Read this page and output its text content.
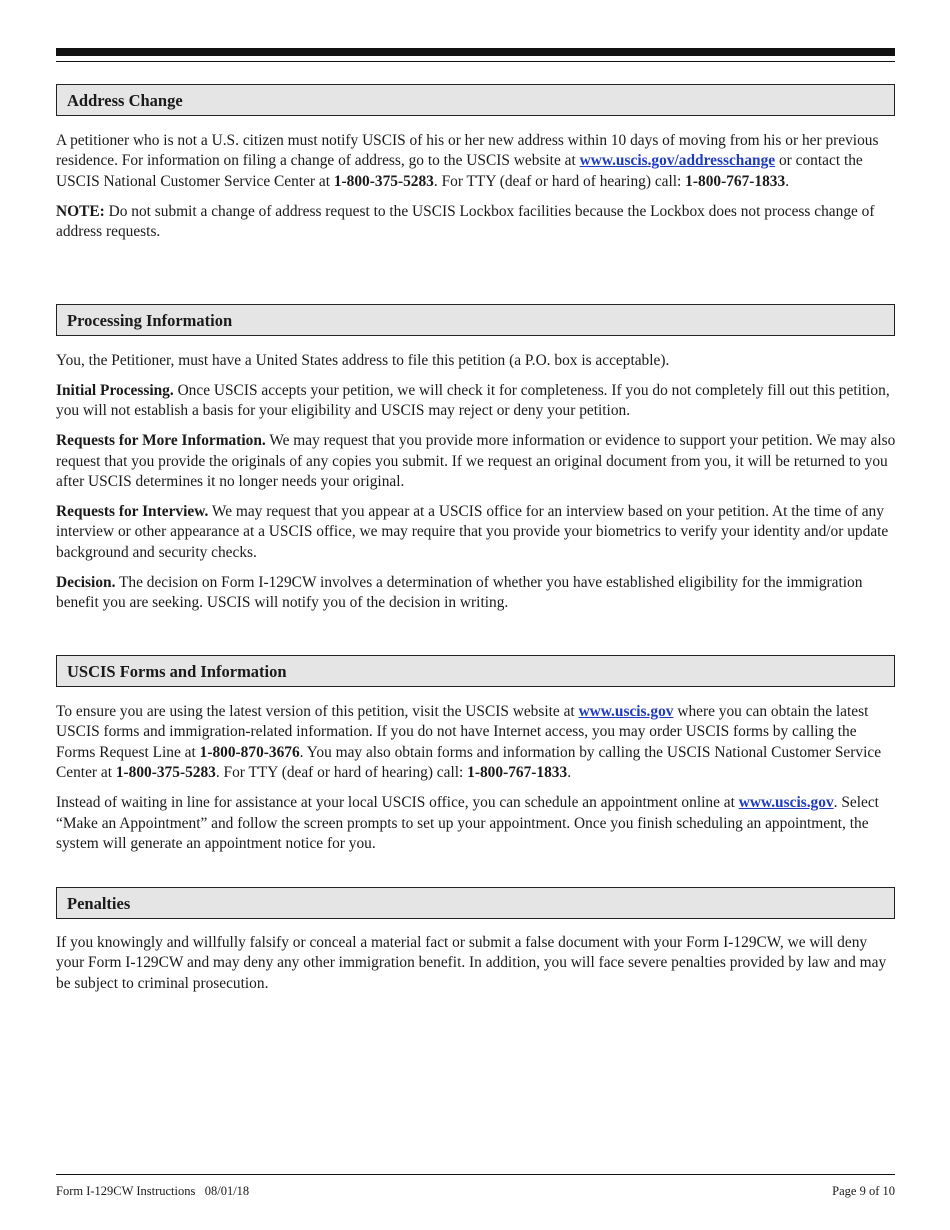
Address Change

A petitioner who is not a U.S. citizen must notify USCIS of his or her new address within 10 days of moving from his or her previous residence. For information on filing a change of address, go to the USCIS website at www.uscis.gov/addresschange or contact the USCIS National Customer Service Center at 1-800-375-5283. For TTY (deaf or hard of hearing) call: 1-800-767-1833.

NOTE: Do not submit a change of address request to the USCIS Lockbox facilities because the Lockbox does not process change of address requests.

Processing Information

You, the Petitioner, must have a United States address to file this petition (a P.O. box is acceptable).

Initial Processing. Once USCIS accepts your petition, we will check it for completeness. If you do not completely fill out this petition, you will not establish a basis for your eligibility and USCIS may reject or deny your petition.

Requests for More Information. We may request that you provide more information or evidence to support your petition. We may also request that you provide the originals of any copies you submit. If we request an original document from you, it will be returned to you after USCIS determines it no longer needs your original.

Requests for Interview. We may request that you appear at a USCIS office for an interview based on your petition. At the time of any interview or other appearance at a USCIS office, we may require that you provide your biometrics to verify your identity and/or update background and security checks.

Decision. The decision on Form I-129CW involves a determination of whether you have established eligibility for the immigration benefit you are seeking. USCIS will notify you of the decision in writing.

USCIS Forms and Information

To ensure you are using the latest version of this petition, visit the USCIS website at www.uscis.gov where you can obtain the latest USCIS forms and immigration-related information. If you do not have Internet access, you may order USCIS forms by calling the Forms Request Line at 1-800-870-3676. You may also obtain forms and information by calling the USCIS National Customer Service Center at 1-800-375-5283. For TTY (deaf or hard of hearing) call: 1-800-767-1833.

Instead of waiting in line for assistance at your local USCIS office, you can schedule an appointment online at www.uscis.gov. Select “Make an Appointment” and follow the screen prompts to set up your appointment. Once you finish scheduling an appointment, the system will generate an appointment notice for you.

Penalties

If you knowingly and willfully falsify or conceal a material fact or submit a false document with your Form I-129CW, we will deny your Form I-129CW and may deny any other immigration benefit. In addition, you will face severe penalties provided by law and may be subject to criminal prosecution.

Form I-129CW Instructions   08/01/18	Page 9 of 10
